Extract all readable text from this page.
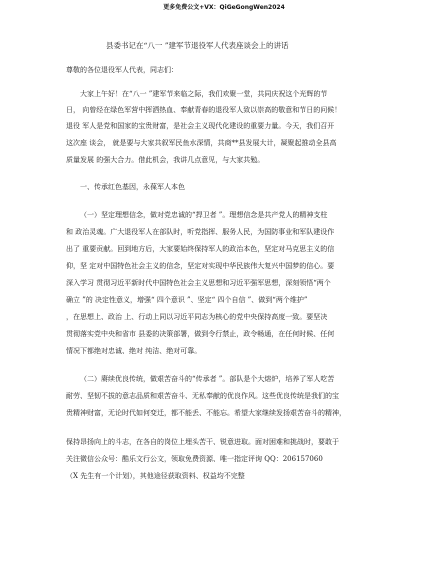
更多免费公文+VX：QiGeGongWen2024
县委书记在“八一 ”建军节退役军人代表座谈会上的讲话
尊敬的各位退役军人代表，同志们：
大家上午好！在“八一 ”建军节来临之际，我们欢聚一堂，共同庆祝这个光辉的节
日， 向曾经在绿色军营中挥洒热血、奉献青春的退役军人致以崇高的敬意和节日的问候！
退役 军人是党和国家的宝贵财富，是社会主义现代化建设的重要力量。今天，我们召开
这次座 谈会， 就是要与大家共叙军民鱼水深情，共商**县发展大计，凝聚起推动全县高
质量发展 的强大合力。借此机会，我讲几点意见，与大家共勉。
一、传承红色基因，永葆军人本色
（一）坚定理想信念，做对党忠诚的“捍卫者 ”。理想信念是共产党人的精神支柱
和 政治灵魂。广大退役军人在部队时，听党指挥、服务人民，为国防事业和军队建设作
出了 重要贡献。回到地方后，大家要始终保持军人的政治本色，坚定对马克思主义的信
仰，坚 定对中国特色社会主义的信念，坚定对实现中华民族伟大复兴中国梦的信心。要
深入学习 贯彻习近平新时代中国特色社会主义思想和习近平强军思想，深刻领悟“两个
确立 ”的 决定性意义，增强“ 四个意识 ”、坚定“ 四个自信 ”、做到“两个维护”
，在思想上、政治 上、行动上同以习近平同志为核心的党中央保持高度一致。要坚决
贯彻落实党中央和省市 县委的决策部署，做到令行禁止，政令畅通，在任何时候、任何
情况下都绝对忠诚、绝对 纯洁、绝对可靠。
（二）赓续优良传统，做艰苦奋斗的“传承者 ”。部队是个大熔炉，培养了军人吃苦
耐劳、坚韧不拔的意志品质和艰苦奋斗、无私奉献的优良作风。这些优良传统是我们的宝
贵精神财富，无论时代如何变迁，都不能丢、不能忘。希望大家继续发扬艰苦奋斗的精神，
保持昂扬向上的斗志，在各自的岗位上埋头苦干、锐意进取。面对困难和挑战时，要敢于
关注微信公众号：酷乐文行公文，领取免费资源、唯一指定评询 QQ：206157060
（X 先生有一个计划），其他途径获取资料、权益均不完整
